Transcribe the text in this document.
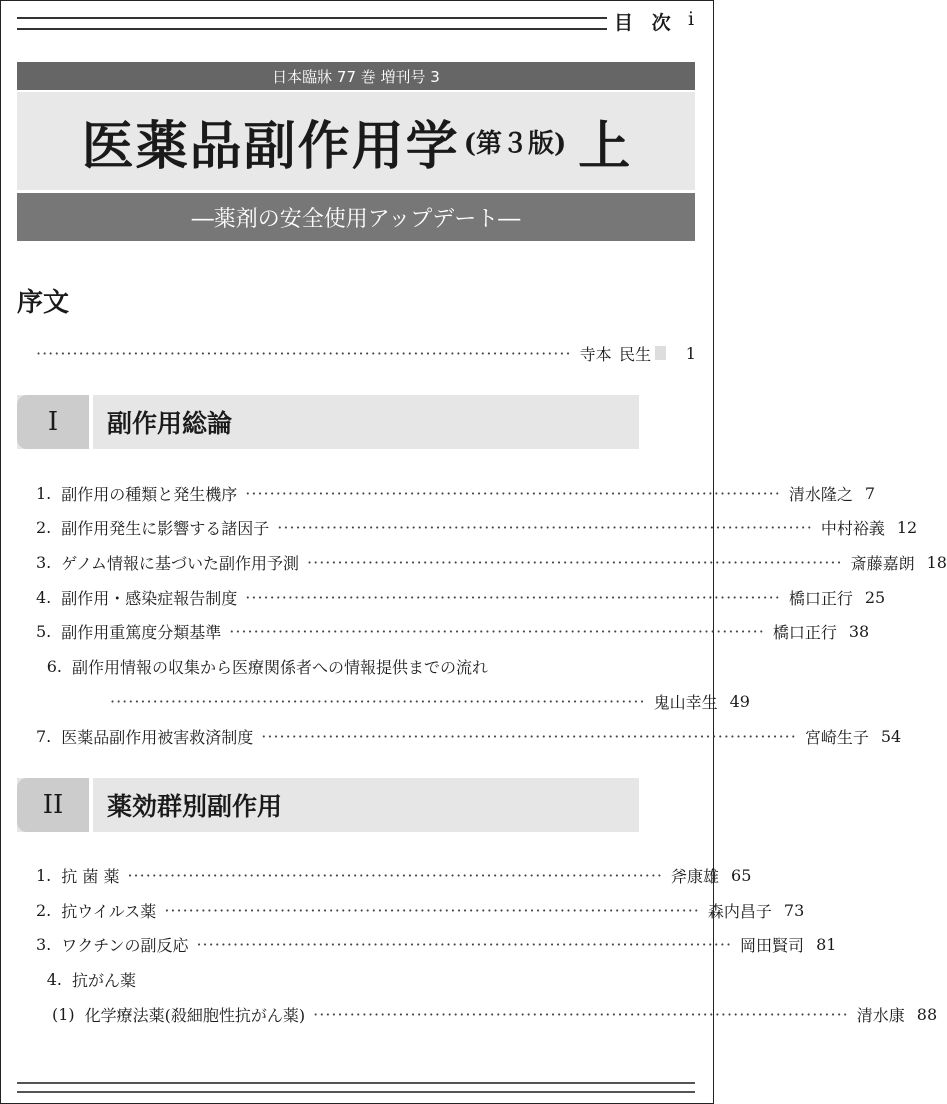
目 次 i
日本臨牀 77 巻 増刊号 3
医薬品副作用学 (第３版) 上
―薬剤の安全使用アップデート―
序文
························································································ 寺本 民生	1
I	副作用総論
1. 副作用の種類と発生機序 ························································································ 清水 隆之 7
2. 副作用発生に影響する諸因子 ························································································ 中村 裕義 12
3. ゲノム情報に基づいた副作用予測 ························································································ 斎藤 嘉朗 18
4. 副作用・感染症報告制度 ························································································ 橋口 正行 25
5. 副作用重篤度分類基準 ························································································ 橋口 正行 38
6. 副作用情報の収集から医療関係者への情報提供までの流れ
························································································ 鬼山 幸生 49
7. 医薬品副作用被害救済制度 ························································································ 宮崎 生子 54
II	薬効群別副作用
1. 抗 菌 薬 ························································································ 斧 康雄 65
2. 抗ウイルス薬 ························································································ 森内 昌子 73
3. ワクチンの副反応 ························································································ 岡田 賢司 81
4. 抗がん薬
(1) 化学療法薬(殺細胞性抗がん薬) ························································································ 清水 康 88
